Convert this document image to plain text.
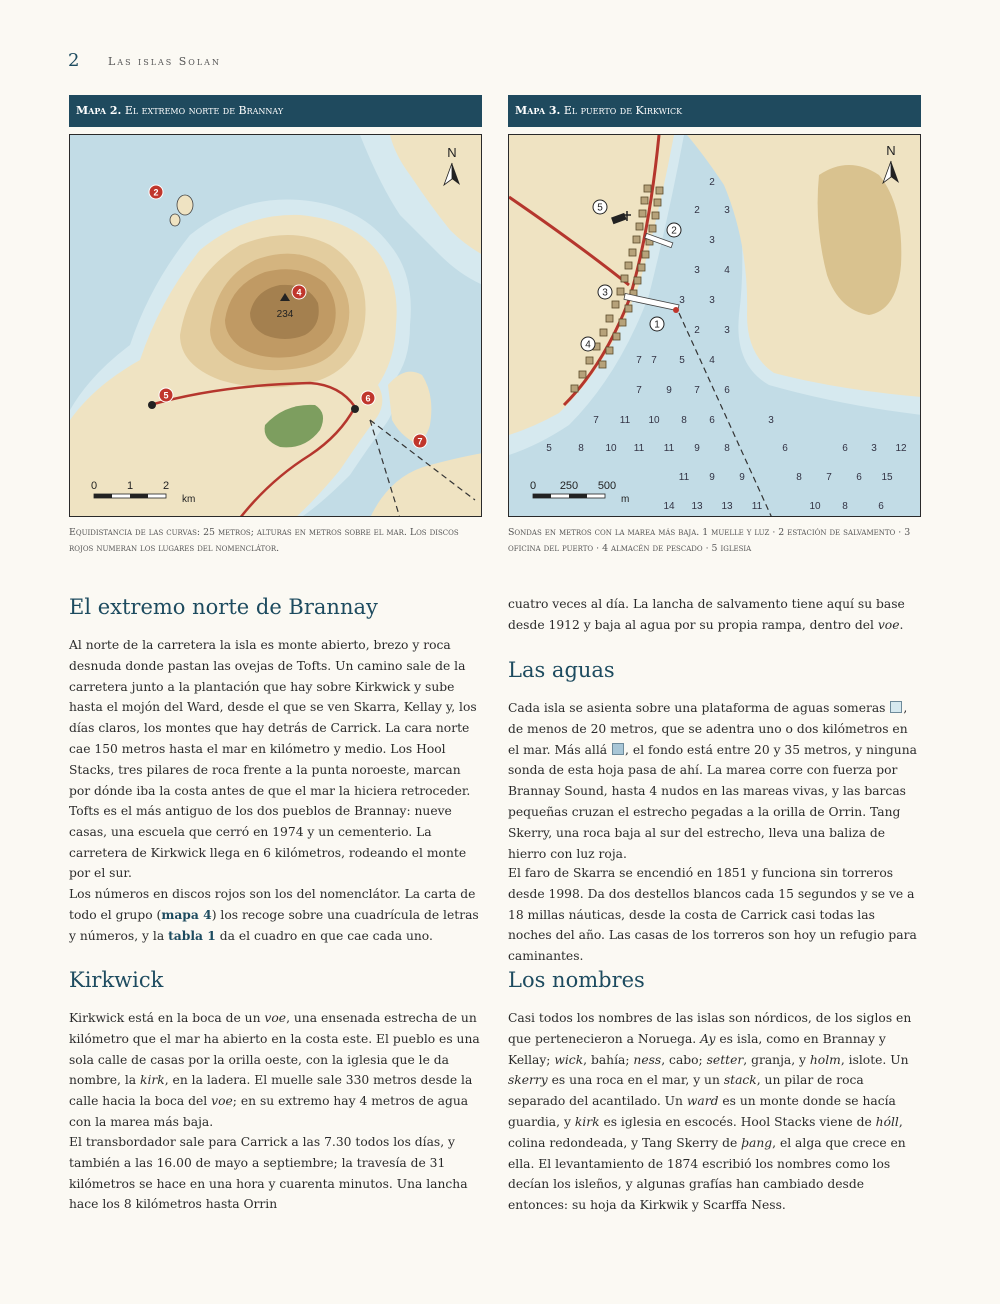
2	Las islas Solan
Mapa 2. El extremo norte de Brannay
234
2
4
5	6
7
N
0	1	2
km
Equidistancia de las curvas: 25 metros; alturas en metros sobre el mar. Los discos rojos numeran los lugares del nomenclátor.
Mapa 3. El puerto de Kirkwick
1
2
3
4
5
2
2 3
3
3 4
3 3
2 3
7 7 5 4
7 9 7 6
7 11 10 8 6	3
5	8 10 11 11 9 8	6	6 3 12
11 9 9	8 7 6 15
14 13 13 11	10 8	6
N
0 250 500
m
Sondas en metros con la marea más baja. 1 muelle y luz · 2 estación de salvamento · 3 oficina del puerto · 4 almacén de pescado · 5 iglesia
El extremo norte de Brannay

Al norte de la carretera la isla es monte abierto, brezo y roca desnuda donde pastan las ovejas de Tofts. Un camino sale de la carretera junto a la plantación que hay sobre Kirkwick y sube hasta el mojón del Ward, desde el que se ven Skarra, Kellay y, los días claros, los montes que hay detrás de Carrick. La cara norte cae 150 metros hasta el mar en kilómetro y medio. Los Hool Stacks, tres pilares de roca frente a la punta noroeste, marcan por dónde iba la costa antes de que el mar la hiciera retroceder.

Tofts es el más antiguo de los dos pueblos de Brannay: nueve casas, una escuela que cerró en 1974 y un cementerio. La carretera de Kirkwick llega en 6 kilómetros, rodeando el monte por el sur.

Los números en discos rojos son los del nomenclátor. La carta de todo el grupo (mapa 4) los recoge sobre una cuadrícula de letras y números, y la tabla 1 da el cuadro en que cae cada uno.

Kirkwick

Kirkwick está en la boca de un voe, una ensenada estrecha de un kilómetro que el mar ha abierto en la costa este. El pueblo es una sola calle de casas por la orilla oeste, con la iglesia que le da nombre, la kirk, en la ladera. El muelle sale 330 metros desde la calle hacia la boca del voe; en su extremo hay 4 metros de agua con la marea más baja.

El transbordador sale para Carrick a las 7.30 todos los días, y también a las 16.00 de mayo a septiembre; la travesía de 31 kilómetros se hace en una hora y cuarenta minutos. Una lancha hace los 8 kilómetros hasta Orrin

cuatro veces al día. La lancha de salvamento tiene aquí su base desde 1912 y baja al agua por su propia rampa, dentro del voe.

Las aguas

Cada isla se asienta sobre una plataforma de aguas someras , de menos de 20 metros, que se adentra uno o dos kilómetros en el mar. Más allá , el fondo está entre 20 y 35 metros, y ninguna sonda de esta hoja pasa de ahí. La marea corre con fuerza por Brannay Sound, hasta 4 nudos en las mareas vivas, y las barcas pequeñas cruzan el estrecho pegadas a la orilla de Orrin. Tang Skerry, una roca baja al sur del estrecho, lleva una baliza de hierro con luz roja.

El faro de Skarra se encendió en 1851 y funciona sin torreros desde 1998. Da dos destellos blancos cada 15 segundos y se ve a 18 millas náuticas, desde la costa de Carrick casi todas las noches del año. Las casas de los torreros son hoy un refugio para caminantes.

Los nombres

Casi todos los nombres de las islas son nórdicos, de los siglos en que pertenecieron a Noruega. Ay es isla, como en Brannay y Kellay; wick, bahía; ness, cabo; setter, granja, y holm, islote. Un skerry es una roca en el mar, y un stack, un pilar de roca separado del acantilado. Un ward es un monte donde se hacía guardia, y kirk es iglesia en escocés. Hool Stacks viene de hóll, colina redondeada, y Tang Skerry de þang, el alga que crece en ella. El levantamiento de 1874 escribió los nombres como los decían los isleños, y algunas grafías han cambiado desde entonces: su hoja da Kirkwik y Scarffa Ness.
